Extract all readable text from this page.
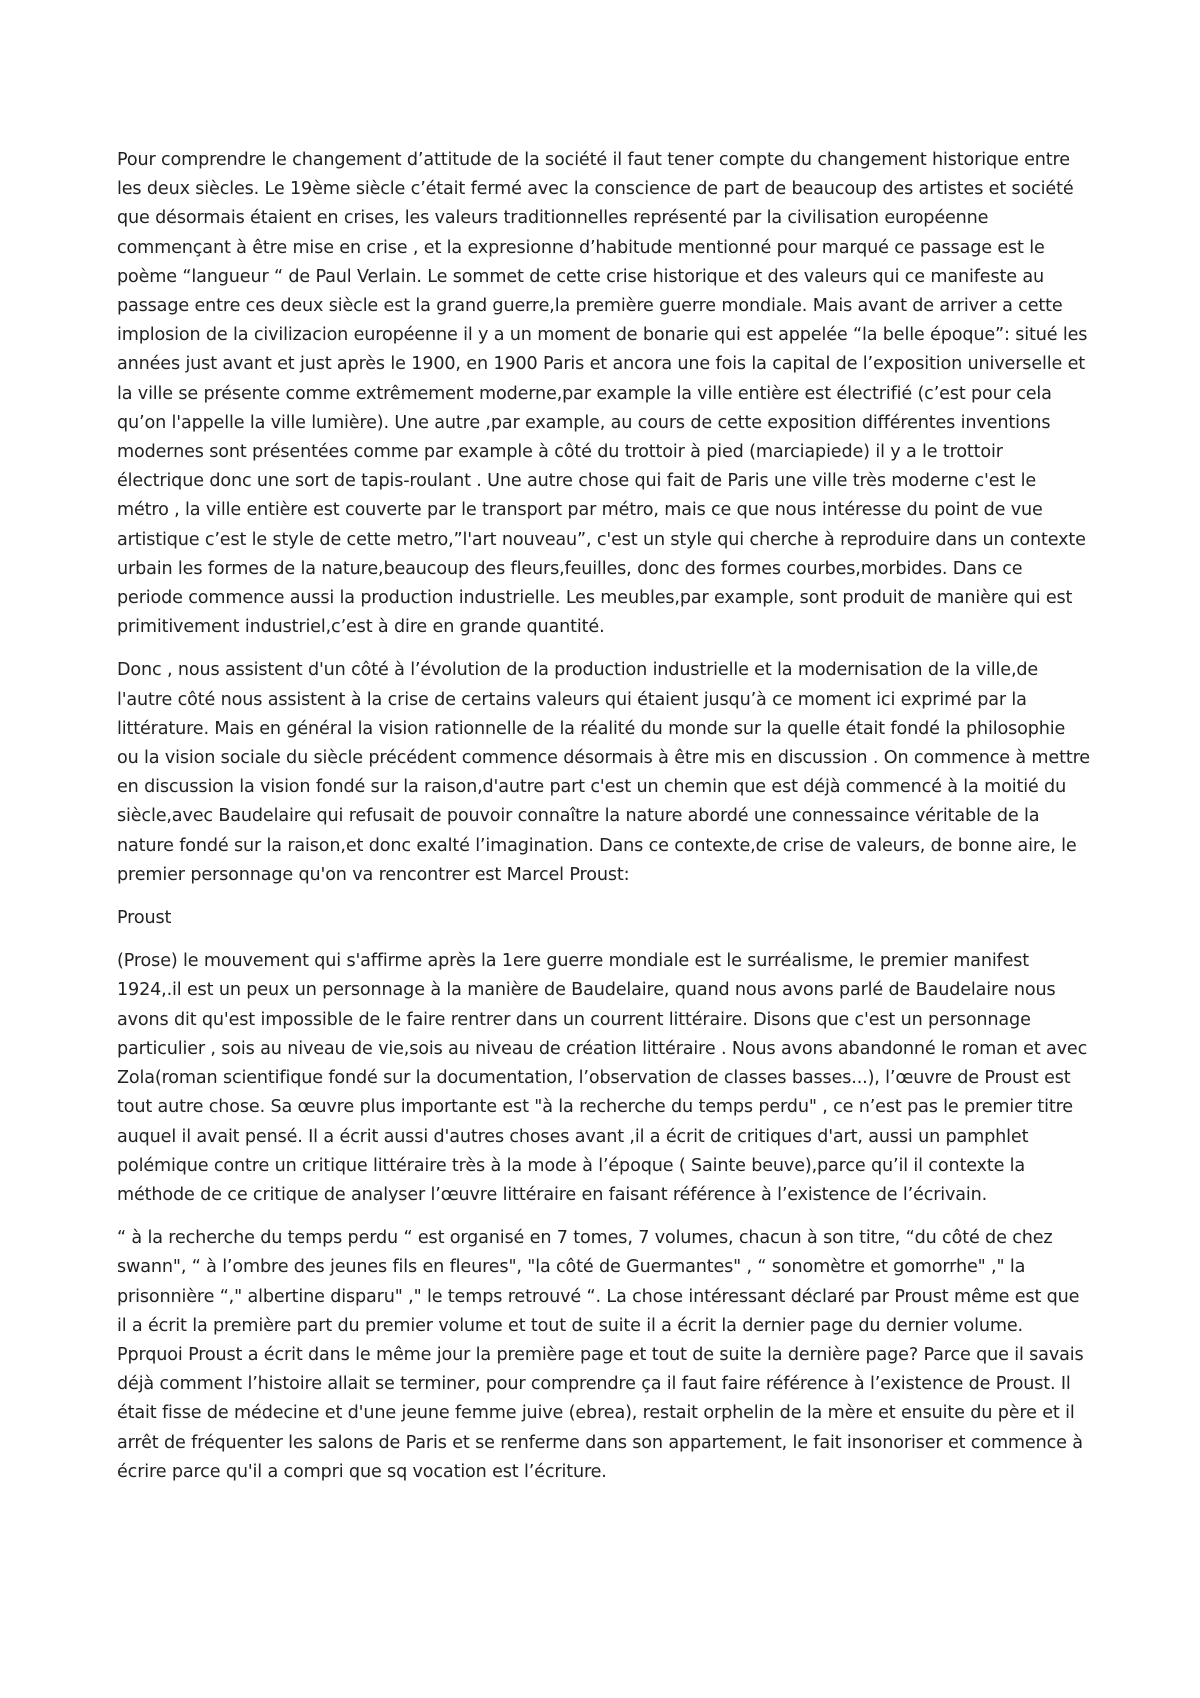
Pour comprendre le changement d’attitude de la société il faut tener compte du changement historique entre les deux siècles. Le 19ème siècle c’était fermé avec la conscience de part de beaucoup des artistes et société que désormais étaient en crises, les valeurs traditionnelles représenté par la civilisation européenne commençant à être mise en crise , et la expresionne d’habitude mentionné pour marqué ce passage est le poème “langueur “ de Paul Verlain. Le sommet de cette crise historique et des valeurs qui ce manifeste au passage entre ces deux siècle est la grand guerre,la première guerre mondiale. Mais avant de arriver a cette implosion de la civilizacion européenne il y a un moment de bonarie qui est appelée “la belle époque”: situé les années just avant et just après le 1900, en 1900 Paris et ancora une fois la capital de l’exposition universelle et la ville se présente comme extrêmement moderne,par example la ville entière est électrifié (c’est pour cela qu’on l'appelle la ville lumière). Une autre ,par example, au cours de cette exposition différentes inventions modernes sont présentées comme par example à côté du trottoir à pied (marciapiede) il y a le trottoir électrique donc une sort de tapis-roulant . Une autre chose qui fait de Paris une ville très moderne c'est le métro , la ville entière est couverte par le transport par métro, mais ce que nous intéresse du point de vue artistique c’est le style de cette metro,”l'art nouveau”, c'est un style qui cherche à reproduire dans un contexte urbain les formes de la nature,beaucoup des fleurs,feuilles, donc des formes courbes,morbides. Dans ce periode commence aussi la production industrielle. Les meubles,par example, sont produit de manière qui est primitivement industriel,c’est à dire en grande quantité.

Donc , nous assistent d'un côté à l’évolution de la production industrielle et la modernisation de la ville,de l'autre côté nous assistent à la crise de certains valeurs qui étaient jusqu’à ce moment ici exprimé par la littérature. Mais en général la vision rationnelle de la réalité du monde sur la quelle était fondé la philosophie ou la vision sociale du siècle précédent commence désormais à être mis en discussion . On commence à mettre en discussion la vision fondé sur la raison,d'autre part c'est un chemin que est déjà commencé à la moitié du siècle,avec Baudelaire qui refusait de pouvoir connaître la nature abordé une connessaince véritable de la nature fondé sur la raison,et donc exalté l’imagination. Dans ce contexte,de crise de valeurs, de bonne aire, le premier personnage qu'on va rencontrer est Marcel Proust:

Proust

(Prose) le mouvement qui s'affirme après la 1ere guerre mondiale est le surréalisme, le premier manifest 1924,.il est un peux un personnage à la manière de Baudelaire, quand nous avons parlé de Baudelaire nous avons dit qu'est impossible de le faire rentrer dans un courrent littéraire. Disons que c'est un personnage particulier , sois au niveau de vie,sois au niveau de création littéraire . Nous avons abandonné le roman et avec Zola(roman scientifique fondé sur la documentation, l’observation de classes basses...), l’œuvre de Proust est tout autre chose. Sa œuvre plus importante est "à la recherche du temps perdu" , ce n’est pas le premier titre auquel il avait pensé. Il a écrit aussi d'autres choses avant ,il a écrit de critiques d'art, aussi un pamphlet polémique contre un critique littéraire très à la mode à l’époque ( Sainte beuve),parce qu’il il contexte la méthode de ce critique de analyser l’œuvre littéraire en faisant référence à l’existence de l’écrivain.

“ à la recherche du temps perdu “ est organisé en 7 tomes, 7 volumes, chacun à son titre, “du côté de chez swann", “ à l’ombre des jeunes fils en fleures", "la côté de Guermantes" , “ sonomètre et gomorrhe" ," la prisonnière “," albertine disparu" ," le temps retrouvé “. La chose intéressant déclaré par Proust même est que il a écrit la première part du premier volume et tout de suite il a écrit la dernier page du dernier volume. Pprquoi Proust a écrit dans le même jour la première page et tout de suite la dernière page? Parce que il savais déjà comment l’histoire allait se terminer, pour comprendre ça il faut faire référence à l’existence de Proust. Il était fisse de médecine et d'une jeune femme juive (ebrea), restait orphelin de la mère et ensuite du père et il arrêt de fréquenter les salons de Paris et se renferme dans son appartement, le fait insonoriser et commence à écrire parce qu'il a compri que sq vocation est l’écriture.
